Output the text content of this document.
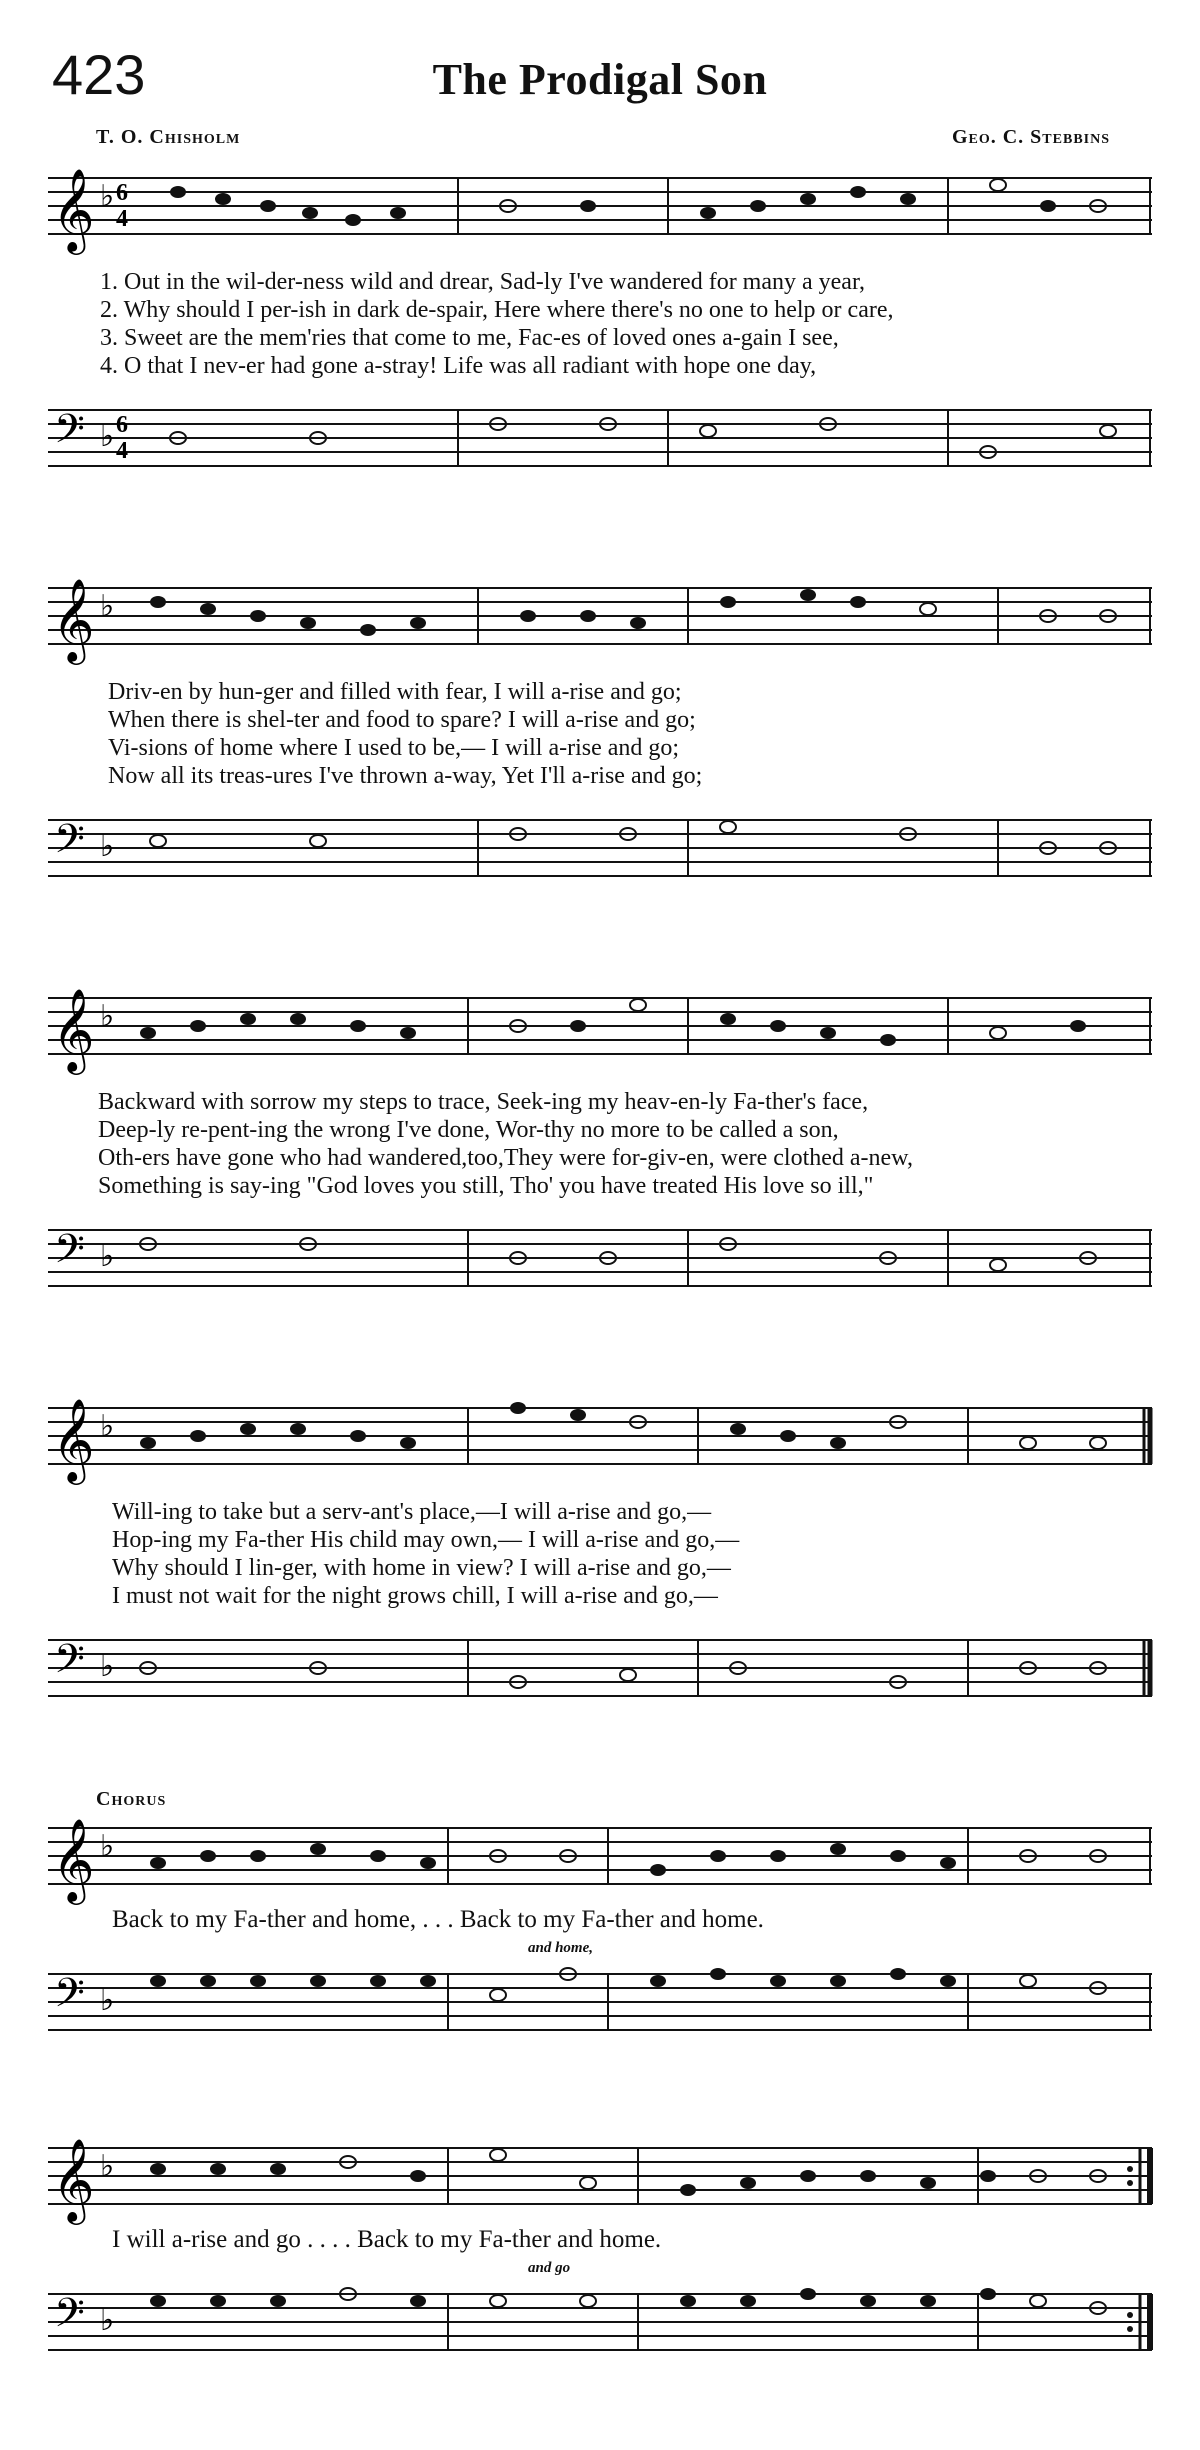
423	The Prodigal Son
T. O. Chisholm	Geo. C. Stebbins
𝄞 ♭ 6
4
1. Out in the wil-der-ness wild and drear, Sad-ly I've wandered for many a year,
2. Why should I per-ish in dark de-spair, Here where there's no one to help or care,
3. Sweet are the mem'ries that come to me, Fac-es of loved ones a-gain I see,
4. O that I nev-er had gone a-stray! Life was all radiant with hope one day,
𝄢 ♭ 6
4
𝄞 ♭
Driv-en by hun-ger and filled with fear, I will a-rise and go;
When there is shel-ter and food to spare? I will a-rise and go;
Vi-sions of home where I used to be,— I will a-rise and go;
Now all its treas-ures I've thrown a-way, Yet I'll a-rise and go;
𝄢 ♭
𝄞 ♭
Backward with sorrow my steps to trace, Seek-ing my heav-en-ly Fa-ther's face,
Deep-ly re-pent-ing the wrong I've done, Wor-thy no more to be called a son,
Oth-ers have gone who had wandered,too,They were for-giv-en, were clothed a-new,
Something is say-ing "God loves you still, Tho' you have treated His love so ill,"
𝄢 ♭
𝄞 ♭
Will-ing to take but a serv-ant's place,—I will a-rise and go,—
Hop-ing my Fa-ther His child may own,— I will a-rise and go,—
Why should I lin-ger, with home in view? I will a-rise and go,—
I must not wait for the night grows chill, I will a-rise and go,—
𝄢 ♭
Chorus
𝄞 ♭
Back to my Fa-ther and home, . . . Back to my Fa-ther and home.
and home,
𝄢 ♭
𝄞 ♭
I will a-rise and go . . . . Back to my Fa-ther and home.
and go
𝄢 ♭
